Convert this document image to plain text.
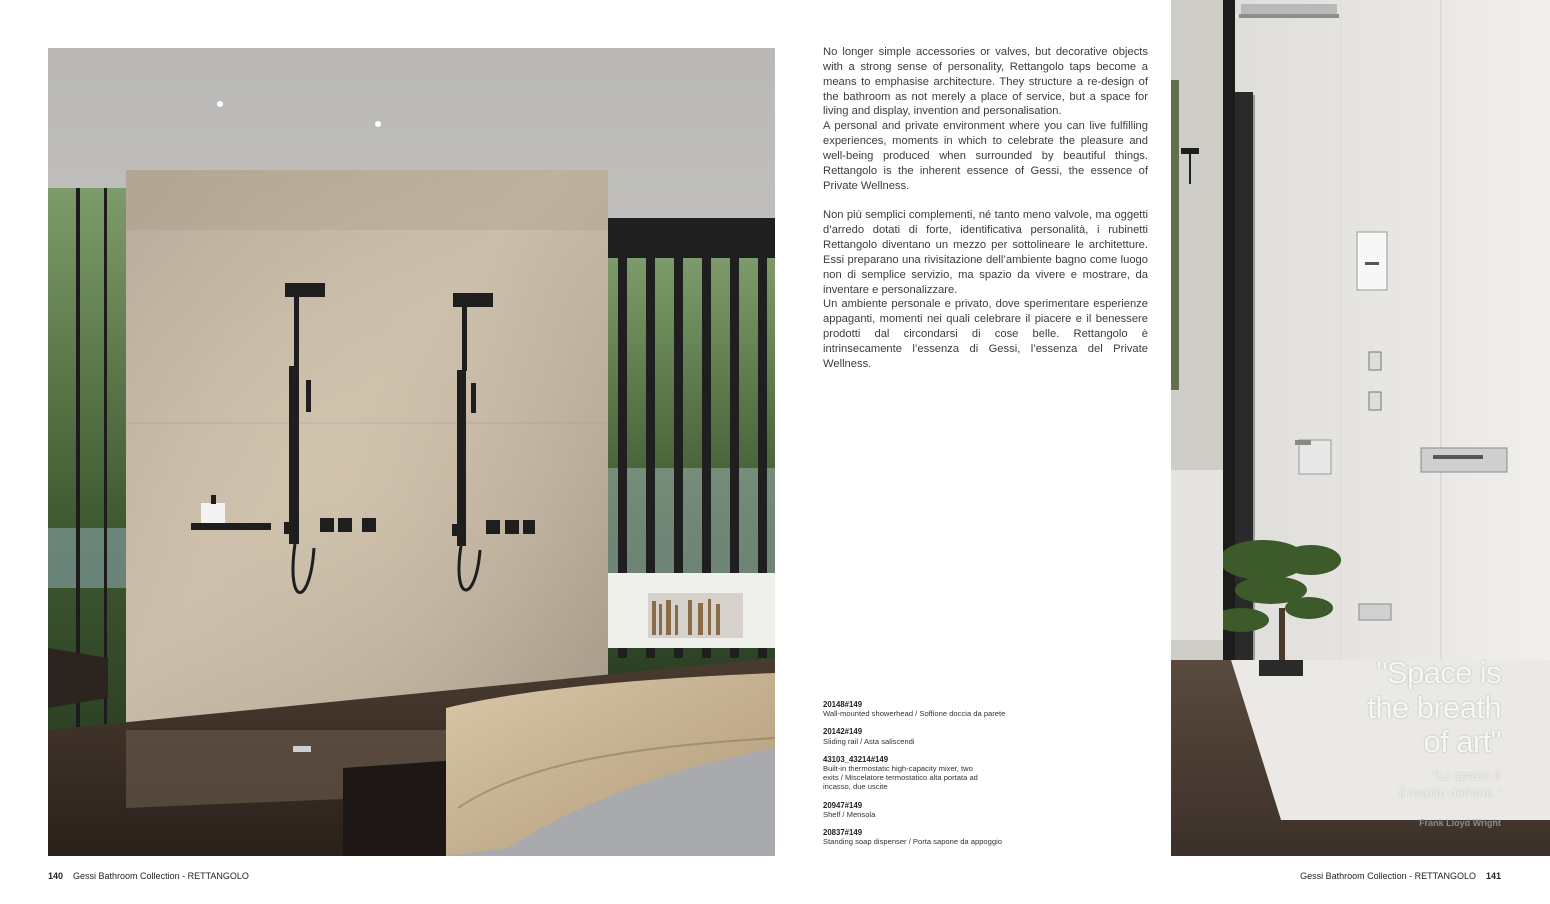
No longer simple accessories or valves, but decorative objects with a strong sense of personality, Rettangolo taps become a means to emphasise architecture. They structure a re-design of the bathroom as not merely a place of service, but a space for living and display, invention and personalisation.

A personal and private environment where you can live fulfilling experiences, moments in which to celebrate the pleasure and well-being produced when surrounded by beautiful things. Rettangolo is the inherent essence of Gessi, the essence of Private Wellness.

Non più semplici complementi, né tanto meno valvole, ma oggetti d’arredo dotati di forte, identificativa personalità, i rubinetti Rettangolo diventano un mezzo per sottolineare le architetture. Essi preparano una rivisitazione dell’ambiente bagno come luogo non di semplice servizio, ma spazio da vivere e mostrare, da inventare e personalizzare.

Un ambiente personale e privato, dove sperimentare esperienze appaganti, momenti nei quali celebrare il piacere e il benessere prodotti dal circondarsi di cose belle. Rettangolo è intrinsecamente l’essenza di Gessi, l’essenza del Private Wellness.

20148#149
Wall-mounted showerhead / Soffione doccia da parete
20142#149
Sliding rail / Asta saliscendi
43103_43214#149
Built-in thermostatic high-capacity mixer, two exits / Miscelatore termostatico alta portata ad incasso, due uscite
20947#149
Shelf / Mensola
20837#149
Standing soap dispenser / Porta sapone da appoggio
"Space is
the breath
of art"
"Lo spazio è
il respiro dell'arte."
Frank Lloyd Wright
140 Gessi Bathroom Collection - RETTANGOLO	Gessi Bathroom Collection - RETTANGOLO 141
